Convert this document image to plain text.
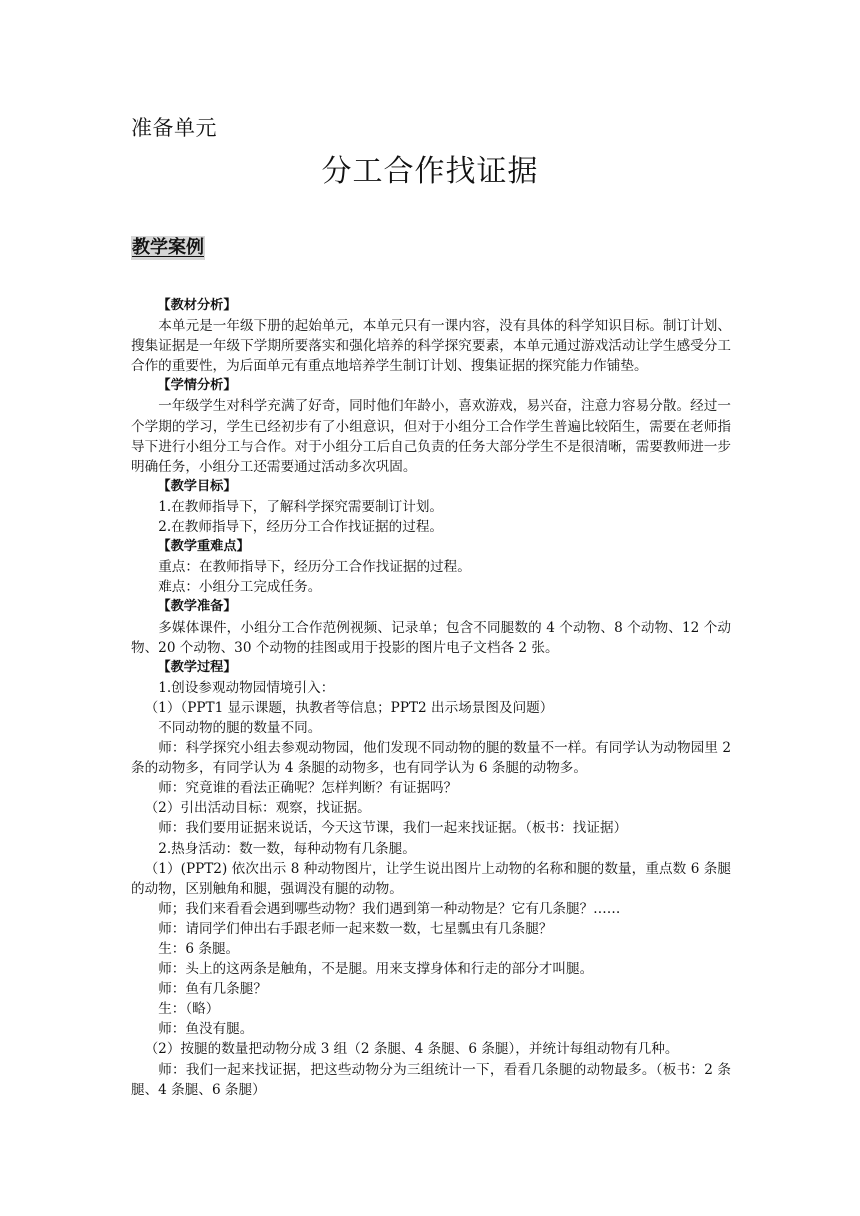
准备单元
分工合作找证据
教学案例

【教材分析】

本单元是一年级下册的起始单元，本单元只有一课内容，没有具体的科学知识目标。制订计划、搜集证据是一年级下学期所要落实和强化培养的科学探究要素，本单元通过游戏活动让学生感受分工合作的重要性，为后面单元有重点地培养学生制订计划、搜集证据的探究能力作铺垫。

【学情分析】

一年级学生对科学充满了好奇，同时他们年龄小，喜欢游戏，易兴奋，注意力容易分散。经过一个学期的学习，学生已经初步有了小组意识，但对于小组分工合作学生普遍比较陌生，需要在老师指导下进行小组分工与合作。对于小组分工后自己负责的任务大部分学生不是很清晰，需要教师进一步明确任务，小组分工还需要通过活动多次巩固。

【教学目标】

1.在教师指导下，了解科学探究需要制订计划。

2.在教师指导下，经历分工合作找证据的过程。

【教学重难点】

重点：在教师指导下，经历分工合作找证据的过程。

难点：小组分工完成任务。

【教学准备】

多媒体课件，小组分工合作范例视频、记录单；包含不同腿数的 4 个动物、8 个动物、12 个动物、20 个动物、30 个动物的挂图或用于投影的图片电子文档各 2 张。

【教学过程】

1.创设参观动物园情境引入：

（1）（PPT1 显示课题，执教者等信息；PPT2 出示场景图及问题）

不同动物的腿的数量不同。

师：科学探究小组去参观动物园，他们发现不同动物的腿的数量不一样。有同学认为动物园里 2 条的动物多，有同学认为 4 条腿的动物多，也有同学认为 6 条腿的动物多。

师：究竟谁的看法正确呢？怎样判断？有证据吗？

（2）引出活动目标：观察，找证据。

师：我们要用证据来说话，今天这节课，我们一起来找证据。（板书：找证据）

2.热身活动：数一数，每种动物有几条腿。

（1）(PPT2) 依次出示 8 种动物图片，让学生说出图片上动物的名称和腿的数量，重点数 6 条腿的动物，区别触角和腿，强调没有腿的动物。

师；我们来看看会遇到哪些动物？我们遇到第一种动物是？它有几条腿？……

师：请同学们伸出右手跟老师一起来数一数，七星瓢虫有几条腿？

生：6 条腿。

师：头上的这两条是触角，不是腿。用来支撑身体和行走的部分才叫腿。

师：鱼有几条腿？

生：（略）

师：鱼没有腿。

（2）按腿的数量把动物分成 3 组（2 条腿、4 条腿、6 条腿），并统计每组动物有几种。

师：我们一起来找证据，把这些动物分为三组统计一下，看看几条腿的动物最多。（板书：2 条腿、4 条腿、6 条腿）
